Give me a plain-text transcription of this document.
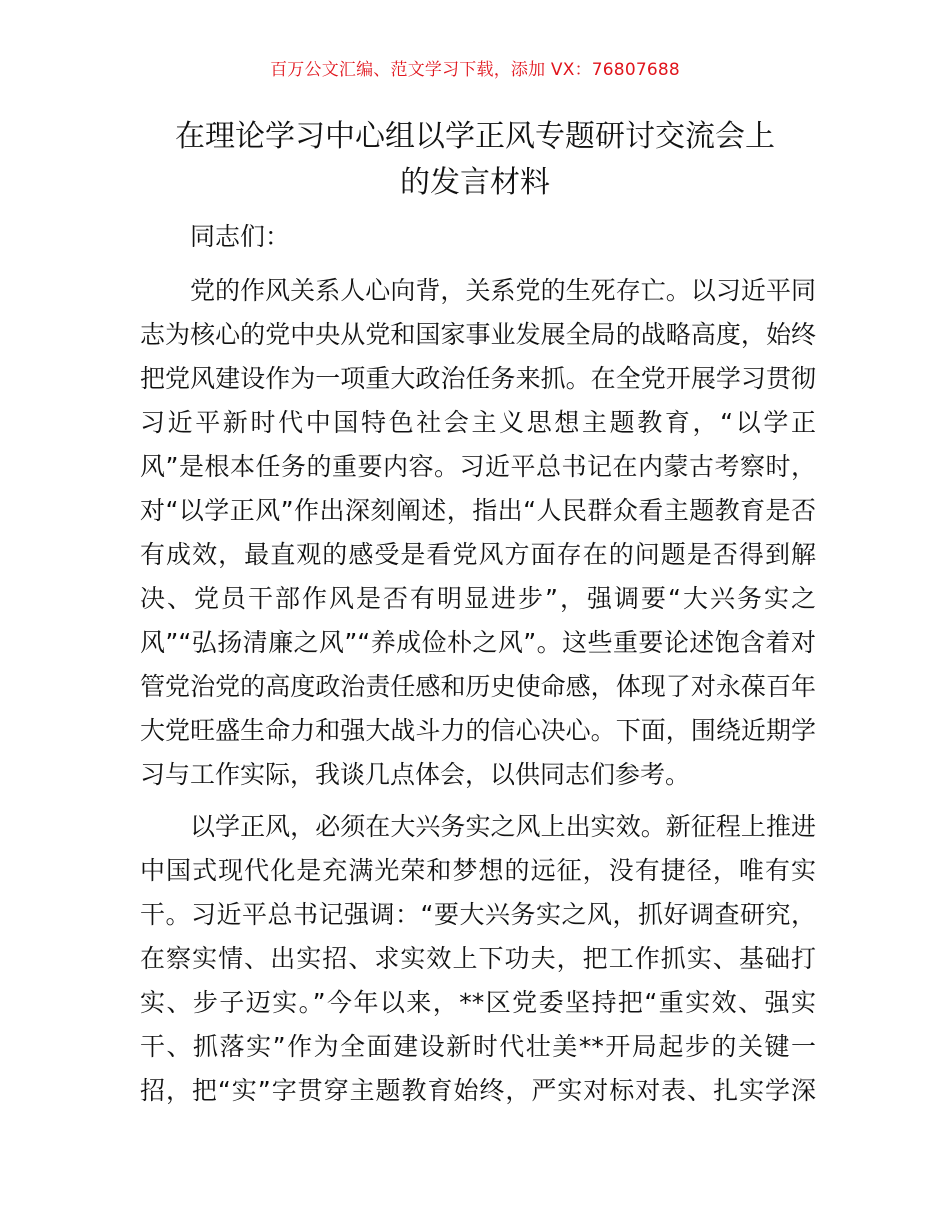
百万公文汇编、范文学习下载，添加 VX：76807688
在理论学习中心组以学正风专题研讨交流会上
的发言材料
同志们：
党的作风关系人心向背，关系党的生死存亡。以习近平同
志为核心的党中央从党和国家事业发展全局的战略高度，始终
把党风建设作为一项重大政治任务来抓。在全党开展学习贯彻
习近平新时代中国特色社会主义思想主题教育，“以学正
风”是根本任务的重要内容。习近平总书记在内蒙古考察时，
对“以学正风”作出深刻阐述，指出“人民群众看主题教育是否
有成效，最直观的感受是看党风方面存在的问题是否得到解
决、党员干部作风是否有明显进步”，强调要“大兴务实之
风”“弘扬清廉之风”“养成俭朴之风”。这些重要论述饱含着对
管党治党的高度政治责任感和历史使命感，体现了对永葆百年
大党旺盛生命力和强大战斗力的信心决心。下面，围绕近期学
习与工作实际，我谈几点体会，以供同志们参考。
以学正风，必须在大兴务实之风上出实效。新征程上推进
中国式现代化是充满光荣和梦想的远征，没有捷径，唯有实
干。习近平总书记强调：“要大兴务实之风，抓好调查研究，
在察实情、出实招、求实效上下功夫，把工作抓实、基础打
实、步子迈实。”今年以来，**区党委坚持把“重实效、强实
干、抓落实”作为全面建设新时代壮美**开局起步的关键一
招，把“实”字贯穿主题教育始终，严实对标对表、扎实学深
